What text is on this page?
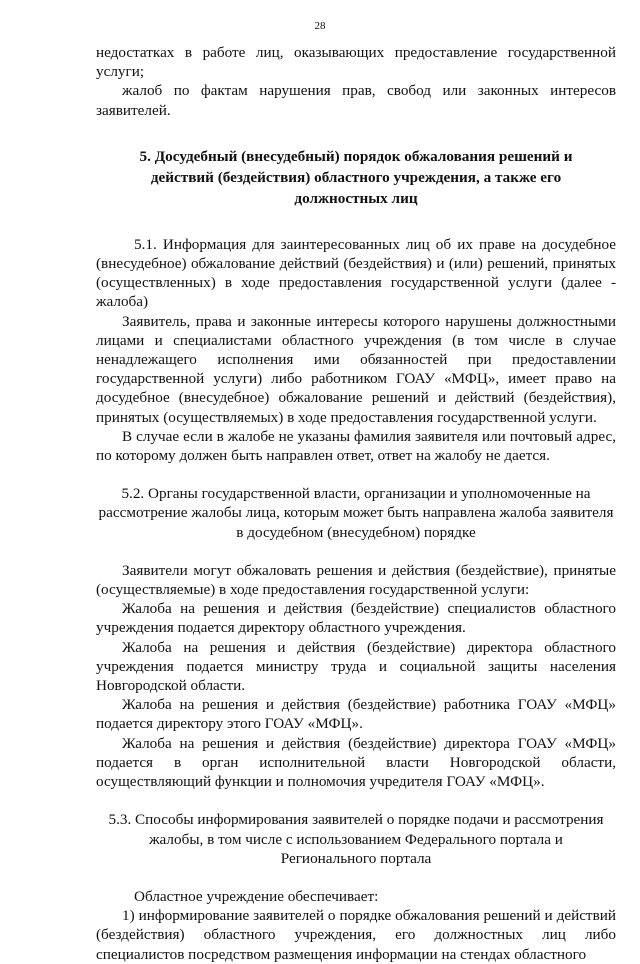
28

недостатках в работе лиц, оказывающих предоставление государственной услуги;

жалоб по фактам нарушения прав, свобод или законных интересов заявителей.

5. Досудебный (внесудебный) порядок обжалования решений и действий (бездействия) областного учреждения, а также его должностных лиц

5.1. Информация для заинтересованных лиц об их праве на досудебное (внесудебное) обжалование действий (бездействия) и (или) решений, принятых (осуществленных) в ходе предоставления государственной услуги (далее - жалоба)

Заявитель, права и законные интересы которого нарушены должностными лицами и специалистами областного учреждения (в том числе в случае ненадлежащего исполнения ими обязанностей при предоставлении государственной услуги) либо работником ГОАУ «МФЦ», имеет право на досудебное (внесудебное) обжалование решений и действий (бездействия), принятых (осуществляемых) в ходе предоставления государственной услуги.

В случае если в жалобе не указаны фамилия заявителя или почтовый адрес, по которому должен быть направлен ответ, ответ на жалобу не дается.

5.2. Органы государственной власти, организации и уполномоченные на рассмотрение жалобы лица, которым может быть направлена жалоба заявителя в досудебном (внесудебном) порядке

Заявители могут обжаловать решения и действия (бездействие), принятые (осуществляемые) в ходе предоставления государственной услуги:

Жалоба на решения и действия (бездействие) специалистов областного учреждения подается директору областного учреждения.

Жалоба на решения и действия (бездействие) директора областного учреждения подается министру труда и социальной защиты населения Новгородской области.

Жалоба на решения и действия (бездействие) работника ГОАУ «МФЦ» подается директору этого ГОАУ «МФЦ».

Жалоба на решения и действия (бездействие) директора ГОАУ «МФЦ» подается в орган исполнительной власти Новгородской области, осуществляющий функции и полномочия учредителя ГОАУ «МФЦ».

5.3. Способы информирования заявителей о порядке подачи и рассмотрения жалобы, в том числе с использованием Федерального портала и Регионального портала

Областное учреждение обеспечивает:

1) информирование заявителей о порядке обжалования решений и действий (бездействия) областного учреждения, его должностных лиц либо специалистов посредством размещения информации на стендах областного
